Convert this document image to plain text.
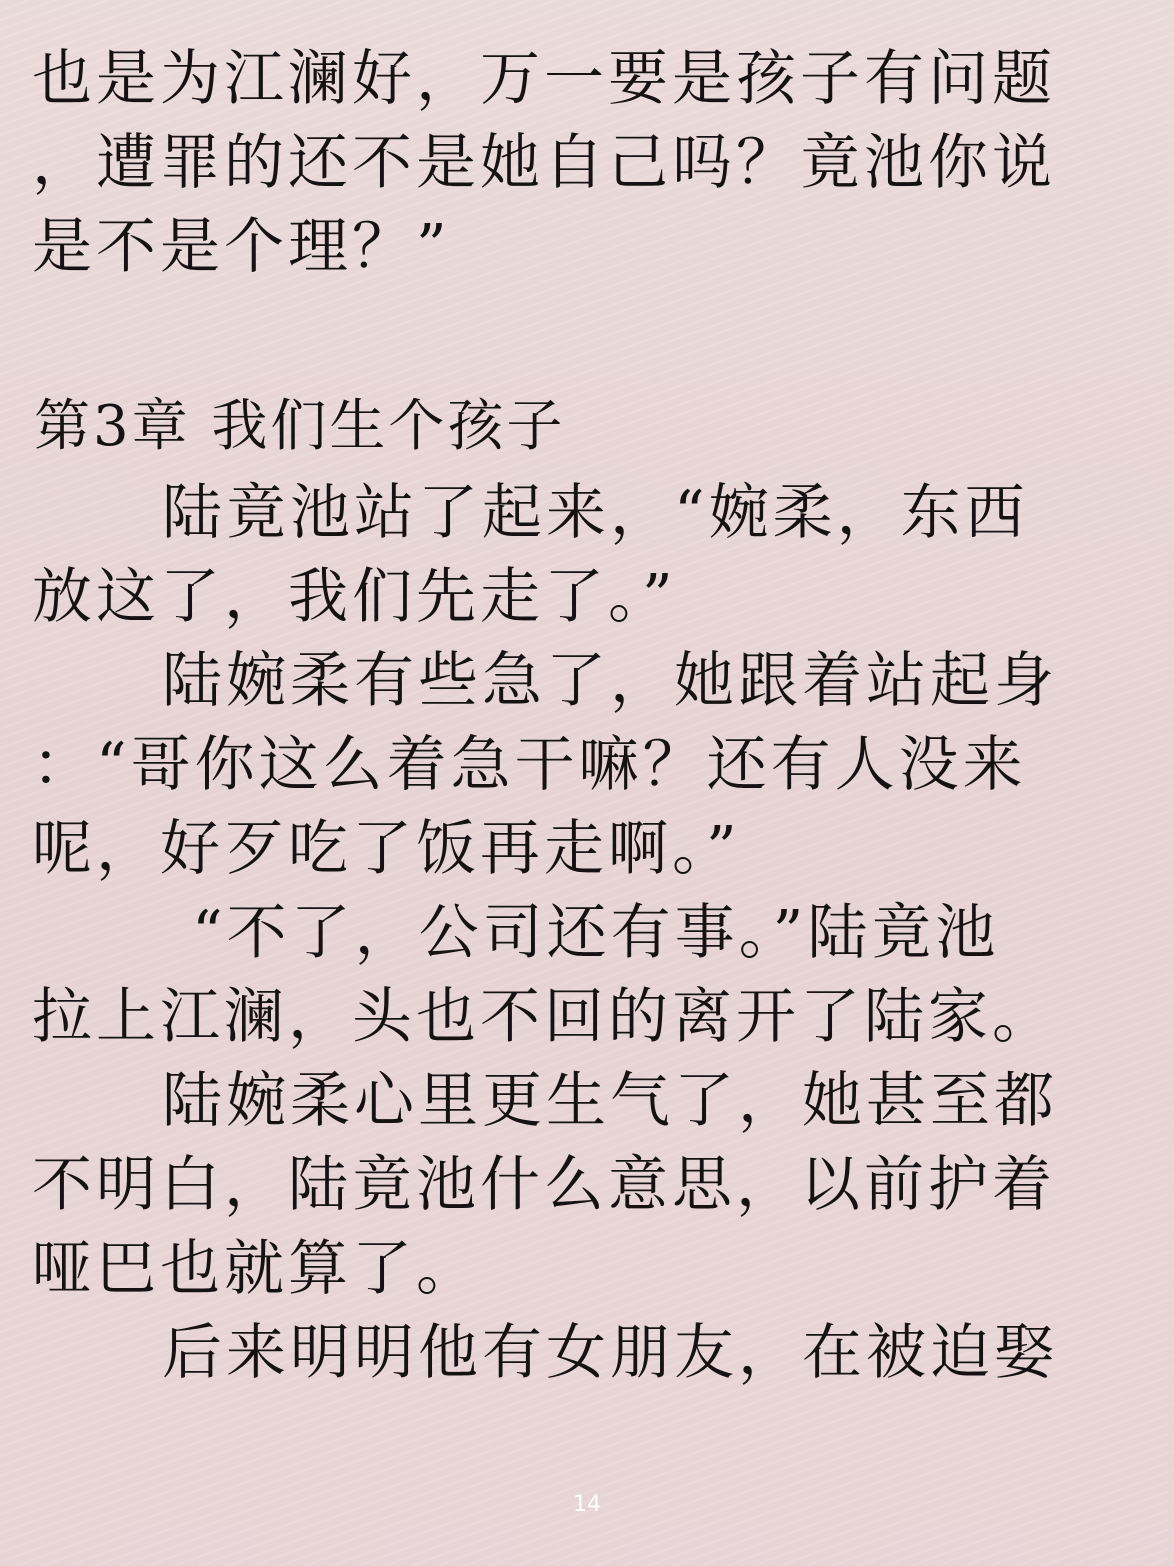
也是为江澜好，万一要是孩子有问题
，遭罪的还不是她自己吗？竟池你说
是不是个理？”
第3章 我们生个孩子
陆竟池站了起来，“婉柔，东西
放这了，我们先走了。”
陆婉柔有些急了，她跟着站起身
：“哥你这么着急干嘛？还有人没来
呢，好歹吃了饭再走啊。”
“不了，公司还有事。”陆竟池
拉上江澜，头也不回的离开了陆家。
陆婉柔心里更生气了，她甚至都
不明白，陆竟池什么意思，以前护着
哑巴也就算了。
后来明明他有女朋友，在被迫娶
14
